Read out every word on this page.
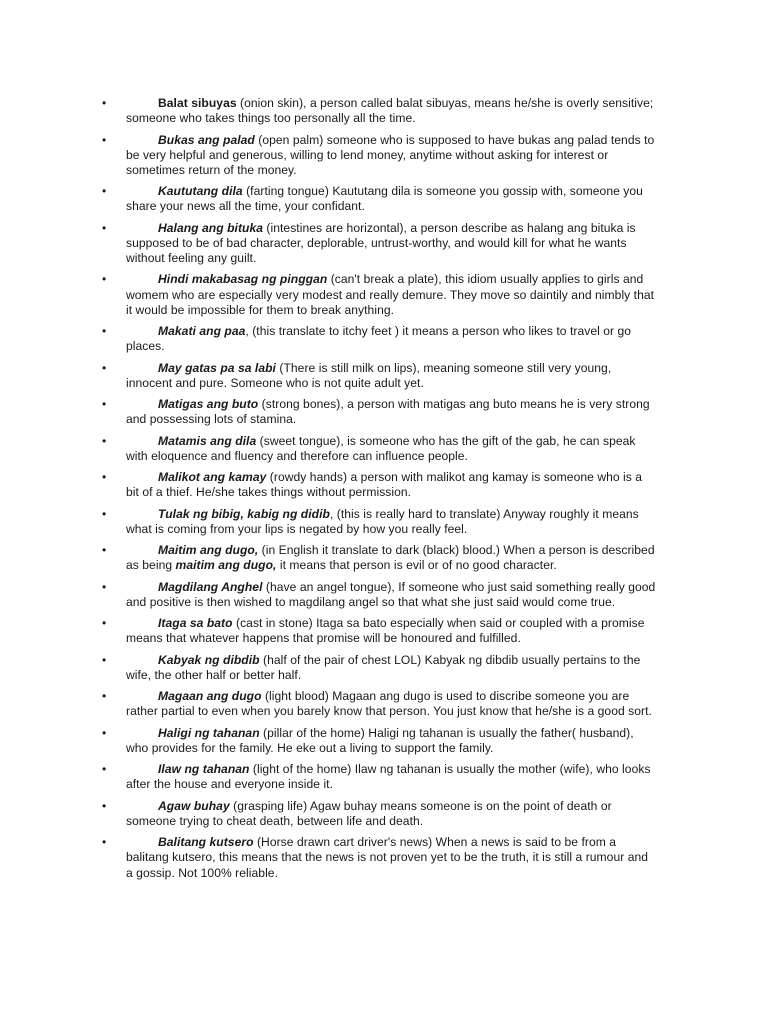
•	Balat sibuyas (onion skin), a person called balat sibuyas, means he/she is overly sensitive; someone who takes things too personally all the time.
•	Bukas ang palad (open palm) someone who is supposed to have bukas ang palad tends to be very helpful and generous, willing to lend money, anytime without asking for interest or sometimes return of the money.
•	Kaututang dila (farting tongue) Kaututang dila is someone you gossip with, someone you share your news all the time, your confidant.
•	Halang ang bituka (intestines are horizontal), a person describe as halang ang bituka is supposed to be of bad character, deplorable, untrust-worthy, and would kill for what he wants without feeling any guilt.
•	Hindi makabasag ng pinggan (can't break a plate), this idiom usually applies to girls and womem who are especially very modest and really demure. They move so daintily and nimbly that it would be impossible for them to break anything.
•	Makati ang paa, (this translate to itchy feet ) it means a person who likes to travel or go places.
•	May gatas pa sa labi (There is still milk on lips), meaning someone still very young, innocent and pure. Someone who is not quite adult yet.
•	Matigas ang buto (strong bones), a person with matigas ang buto means he is very strong and possessing lots of stamina.
•	Matamis ang dila (sweet tongue), is someone who has the gift of the gab, he can speak with eloquence and fluency and therefore can influence people.
•	Malikot ang kamay (rowdy hands) a person with malikot ang kamay is someone who is a bit of a thief. He/she takes things without permission.
•	Tulak ng bibig, kabig ng didib, (this is really hard to translate) Anyway roughly it means what is coming from your lips is negated by how you really feel.
•	Maitim ang dugo, (in English it translate to dark (black) blood.) When a person is described as being maitim ang dugo, it means that person is evil or of no good character.
•	Magdilang Anghel (have an angel tongue), If someone who just said something really good and positive is then wished to magdilang angel so that what she just said would come true.
•	Itaga sa bato (cast in stone) Itaga sa bato especially when said or coupled with a promise means that whatever happens that promise will be honoured and fulfilled.
•	Kabyak ng dibdib (half of the pair of chest LOL) Kabyak ng dibdib usually pertains to the wife, the other half or better half.
•	Magaan ang dugo (light blood) Magaan ang dugo is used to discribe someone you are rather partial to even when you barely know that person. You just know that he/she is a good sort.
•	Haligi ng tahanan (pillar of the home) Haligi ng tahanan is usually the father( husband), who provides for the family. He eke out a living to support the family.
•	Ilaw ng tahanan (light of the home) Ilaw ng tahanan is usually the mother (wife), who looks after the house and everyone inside it.
•	Agaw buhay (grasping life) Agaw buhay means someone is on the point of death or someone trying to cheat death, between life and death.
•	Balitang kutsero (Horse drawn cart driver's news) When a news is said to be from a balitang kutsero, this means that the news is not proven yet to be the truth, it is still a rumour and a gossip. Not 100% reliable.
